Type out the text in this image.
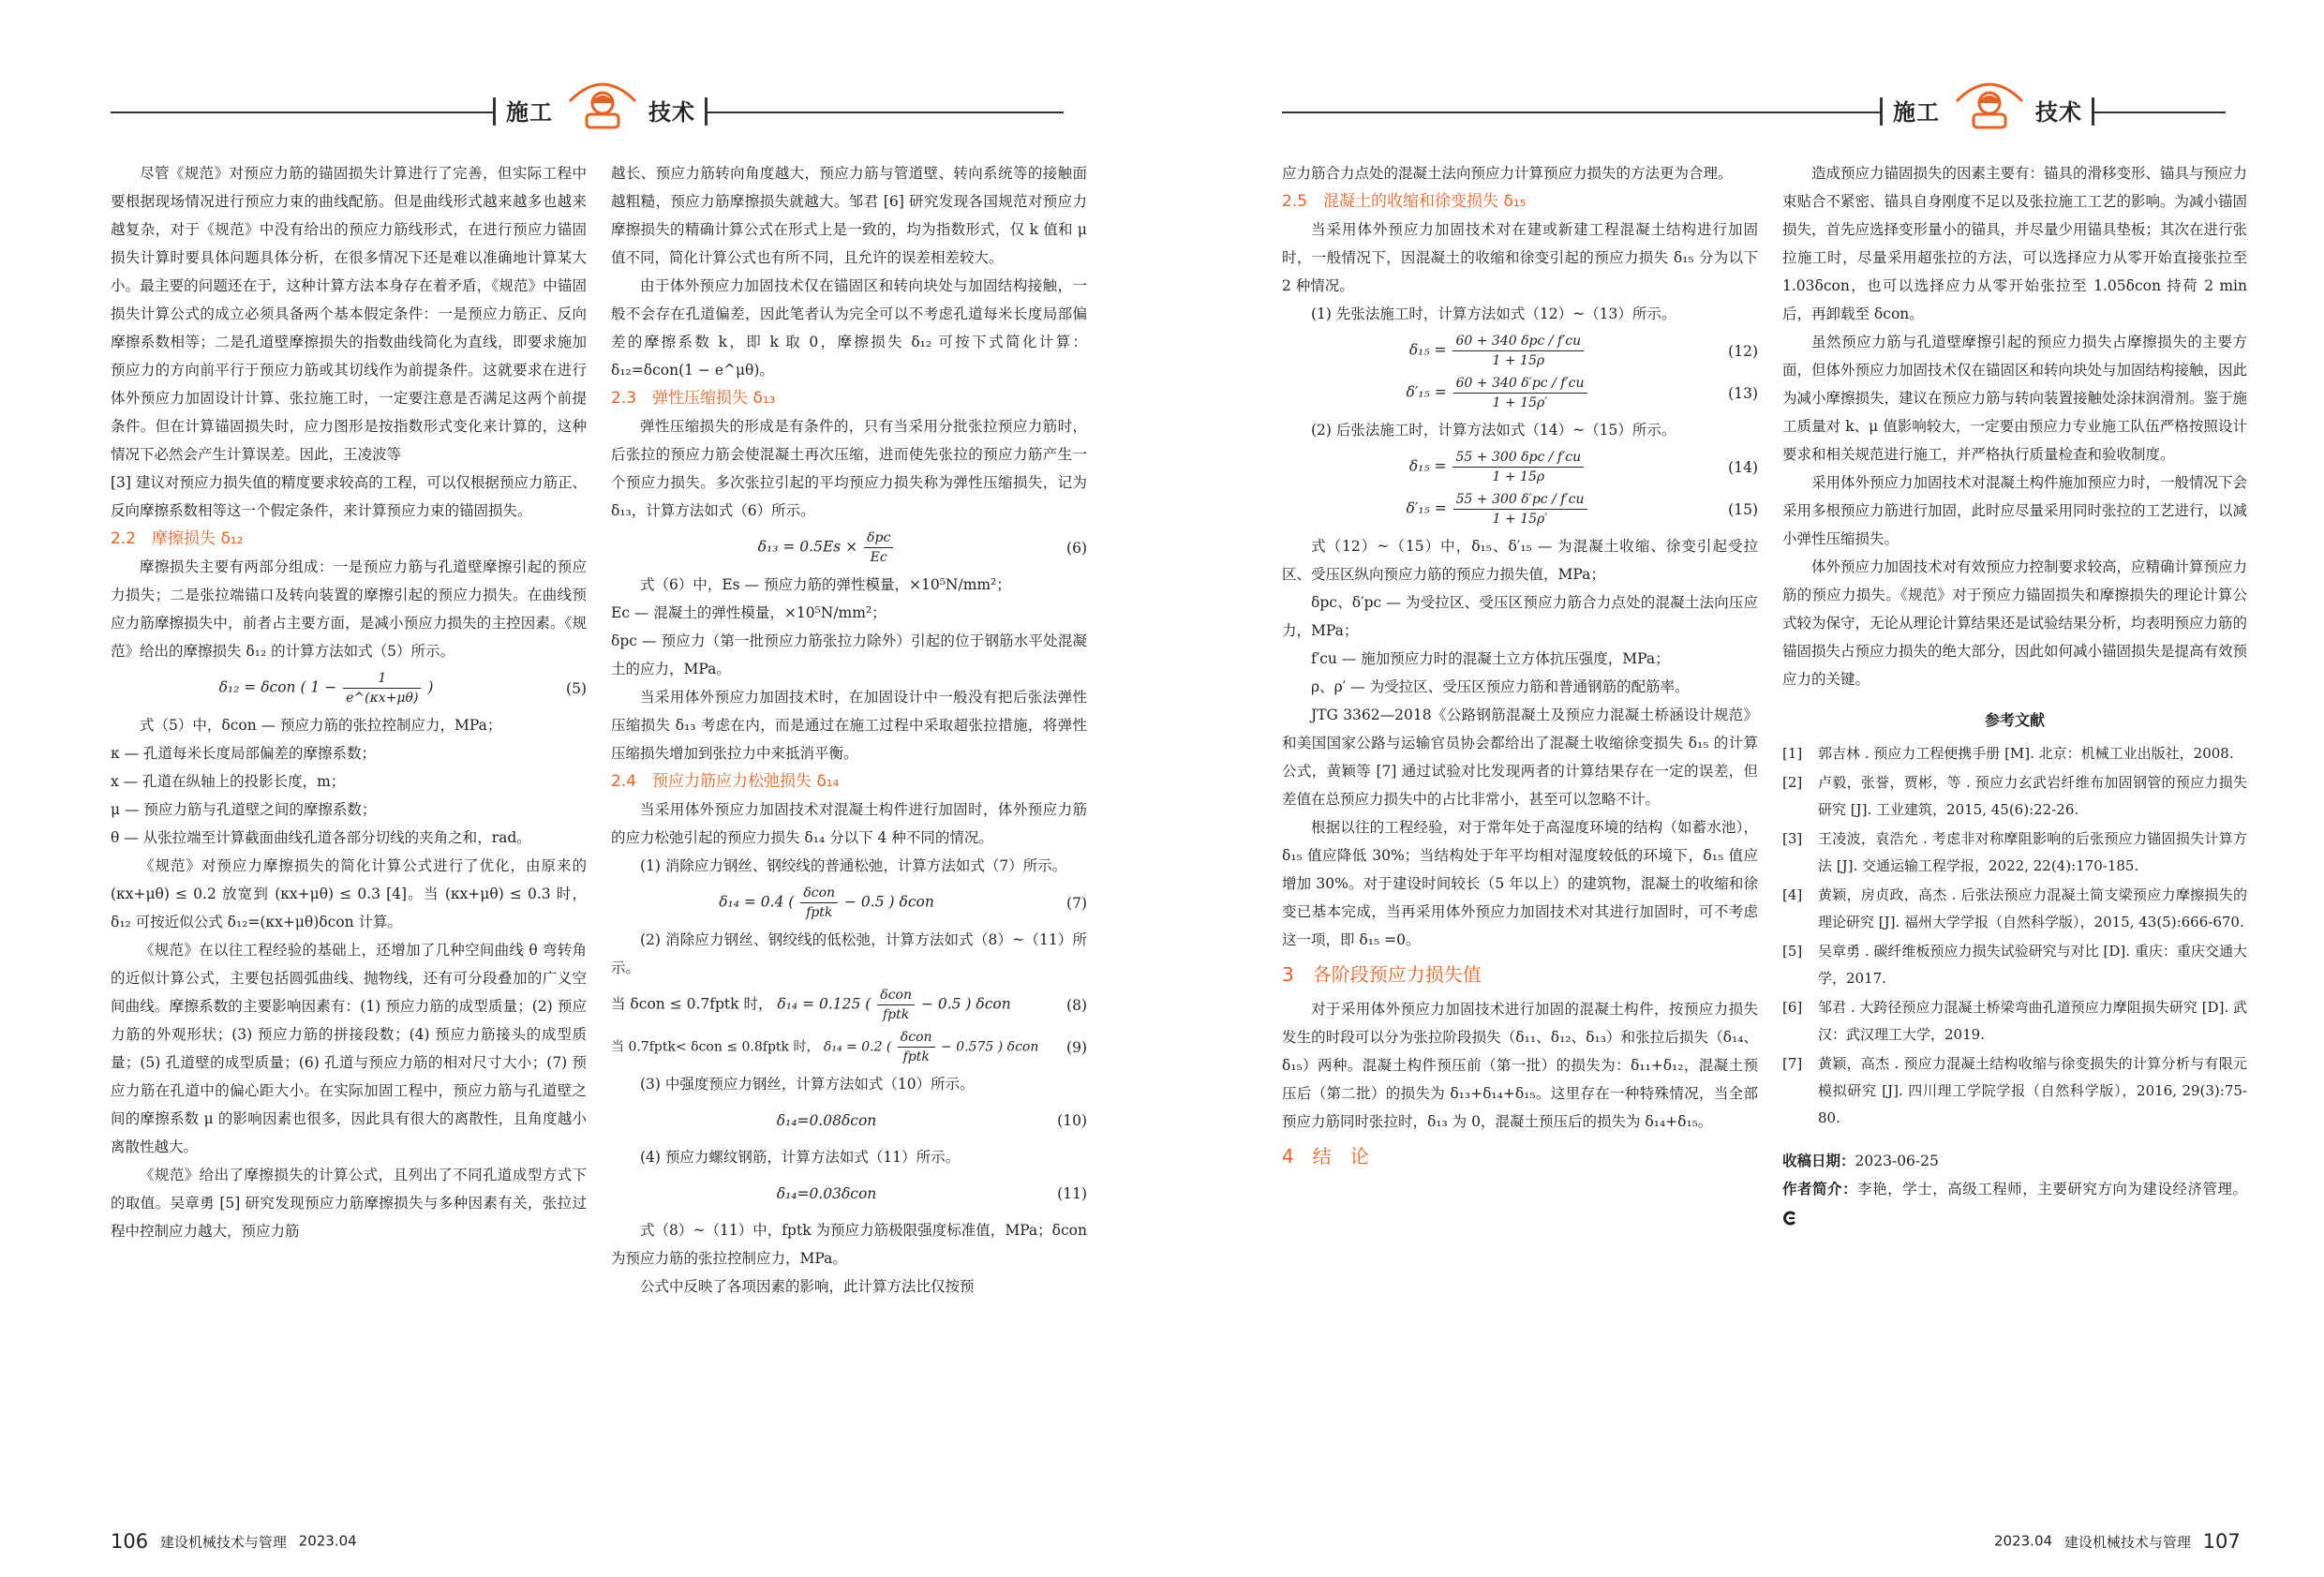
施工	技术

尽管《规范》对预应力筋的锚固损失计算进行了完善，但实际工程中要根据现场情况进行预应力束的曲线配筋。但是曲线形式越来越多也越来越复杂，对于《规范》中没有给出的预应力筋线形式，在进行预应力锚固损失计算时要具体问题具体分析，在很多情况下还是难以准确地计算某大小。最主要的问题还在于，这种计算方法本身存在着矛盾，《规范》中锚固损失计算公式的成立必须具备两个基本假定条件：一是预应力筋正、反向摩擦系数相等；二是孔道壁摩擦损失的指数曲线简化为直线，即要求施加预应力的方向前平行于预应力筋或其切线作为前提条件。这就要求在进行体外预应力加固设计计算、张拉施工时，一定要注意是否满足这两个前提条件。但在计算锚固损失时，应力图形是按指数形式变化来计算的，这种情况下必然会产生计算误差。因此，王凌波等

[3] 建议对预应力损失值的精度要求较高的工程，可以仅根据预应力筋正、反向摩擦系数相等这一个假定条件，来计算预应力束的锚固损失。

2.2　摩擦损失 δ₁₂

摩擦损失主要有两部分组成：一是预应力筋与孔道壁摩擦引起的预应力损失；二是张拉端锚口及转向装置的摩擦引起的预应力损失。在曲线预应力筋摩擦损失中，前者占主要方面，是减小预应力损失的主控因素。《规范》给出的摩擦损失 δ₁₂ 的计算方法如式（5）所示。

δ₁₂ = δcon ( $1 - \frac{1}{e\^{}(\kappa x+\mu\theta)}$ )	(5)

式（5）中，δcon — 预应力筋的张拉控制应力，MPa；

κ — 孔道每米长度局部偏差的摩擦系数；

x — 孔道在纵轴上的投影长度，m；

μ — 预应力筋与孔道壁之间的摩擦系数；

θ — 从张拉端至计算截面曲线孔道各部分切线的夹角之和，rad。

《规范》对预应力摩擦损失的简化计算公式进行了优化，由原来的 (κx+μθ) ≤ 0.2 放宽到 (κx+μθ) ≤ 0.3 [4]。当 (κx+μθ) ≤ 0.3 时，δ₁₂ 可按近似公式 δ₁₂=(κx+μθ)δcon 计算。

《规范》在以往工程经验的基础上，还增加了几种空间曲线 θ 弯转角的近似计算公式，主要包括圆弧曲线、抛物线，还有可分段叠加的广义空间曲线。摩擦系数的主要影响因素有：(1) 预应力筋的成型质量；(2) 预应力筋的外观形状；(3) 预应力筋的拼接段数；(4) 预应力筋接头的成型质量；(5) 孔道壁的成型质量；(6) 孔道与预应力筋的相对尺寸大小；(7) 预应力筋在孔道中的偏心距大小。在实际加固工程中，预应力筋与孔道壁之间的摩擦系数 μ 的影响因素也很多，因此具有很大的离散性，且角度越小离散性越大。

《规范》给出了摩擦损失的计算公式，且列出了不同孔道成型方式下的取值。吴章勇 [5] 研究发现预应力筋摩擦损失与多种因素有关，张拉过程中控制应力越大，预应力筋

越长、预应力筋转向角度越大，预应力筋与管道壁、转向系统等的接触面越粗糙，预应力筋摩擦损失就越大。邹君 [6] 研究发现各国规范对预应力摩擦损失的精确计算公式在形式上是一致的，均为指数形式，仅 k 值和 μ 值不同，简化计算公式也有所不同，且允许的误差相差较大。

由于体外预应力加固技术仅在锚固区和转向块处与加固结构接触，一般不会存在孔道偏差，因此笔者认为完全可以不考虑孔道每米长度局部偏差的摩擦系数 k，即 k 取 0，摩擦损失 δ₁₂ 可按下式简化计算：δ₁₂=δcon(1 − e^μθ)。

2.3　弹性压缩损失 δ₁₃

弹性压缩损失的形成是有条件的，只有当采用分批张拉预应力筋时，后张拉的预应力筋会使混凝土再次压缩，进而使先张拉的预应力筋产生一个预应力损失。多次张拉引起的平均预应力损失称为弹性压缩损失，记为 δ₁₃，计算方法如式（6）所示。

$\delta_{13} = 0.5Es \times \frac{\text{δpc}}{Ec}$	(6)

式（6）中，Es — 预应力筋的弹性模量，×10⁵N/mm²；

Ec — 混凝土的弹性模量，×10⁵N/mm²；

δpc — 预应力（第一批预应力筋张拉力除外）引起的位于钢筋水平处混凝土的应力，MPa。

当采用体外预应力加固技术时，在加固设计中一般没有把后张法弹性压缩损失 δ₁₃ 考虑在内，而是通过在施工过程中采取超张拉措施，将弹性压缩损失增加到张拉力中来抵消平衡。

2.4　预应力筋应力松弛损失 δ₁₄

当采用体外预应力加固技术对混凝土构件进行加固时，体外预应力筋的应力松弛引起的预应力损失 δ₁₄ 分以下 4 种不同的情况。

(1) 消除应力钢丝、钢绞线的普通松弛，计算方法如式（7）所示。

δ₁₄ = 0.4 ( $\frac{\text{δcon}}{\text{fptk}} - 0.5$ ) δcon	(7)

(2) 消除应力钢丝、钢绞线的低松弛，计算方法如式（8）~（11）所示。

当 δcon ≤ 0.7fptk 时， δ₁₄ = 0.125 ( $\frac{\text{δcon}}{\text{fptk}} - 0.5$ ) δcon	(8)
当 0.7fptk< δcon ≤ 0.8fptk 时， δ₁₄ = 0.2 ( $\frac{\text{δcon}}{\text{fptk}} - 0.575$ ) δcon	(9)

(3) 中强度预应力钢丝，计算方法如式（10）所示。

δ₁₄=0.08δcon	(10)

(4) 预应力螺纹钢筋，计算方法如式（11）所示。

δ₁₄=0.03δcon	(11)

式（8）~（11）中，fptk 为预应力筋极限强度标准值，MPa；δcon 为预应力筋的张拉控制应力，MPa。

公式中反映了各项因素的影响，此计算方法比仅按预

106 建设机械技术与管理 2023.04
施工	技术

应力筋合力点处的混凝土法向预应力计算预应力损失的方法更为合理。

2.5　混凝土的收缩和徐变损失 δ₁₅

当采用体外预应力加固技术对在建或新建工程混凝土结构进行加固时，一般情况下，因混凝土的收缩和徐变引起的预应力损失 δ₁₅ 分为以下 2 种情况。

(1) 先张法施工时，计算方法如式（12）~（13）所示。

$\delta_{15} = \frac{\text{60 + 340 δpc / f′cu}}{1 + 15\rho}$	(12)
$\delta'_{15} = \frac{60 + 340 \delta'pc / f'cu}{1 + 15\rho'}$	(13)

(2) 后张法施工时，计算方法如式（14）~（15）所示。

$\delta_{15} = \frac{\text{55 + 300 δpc / f′cu}}{1 + 15\rho}$	(14)
$\delta'_{15} = \frac{55 + 300 \delta'pc / f'cu}{1 + 15\rho'}$	(15)

式（12）~（15）中，δ₁₅、δ′₁₅ — 为混凝土收缩、徐变引起受拉区、受压区纵向预应力筋的预应力损失值，MPa；

δpc、δ′pc — 为受拉区、受压区预应力筋合力点处的混凝土法向压应力，MPa；

f′cu — 施加预应力时的混凝土立方体抗压强度，MPa；

ρ、ρ′ — 为受拉区、受压区预应力筋和普通钢筋的配筋率。

JTG 3362—2018《公路钢筋混凝土及预应力混凝土桥涵设计规范》和美国国家公路与运输官员协会都给出了混凝土收缩徐变损失 δ₁₅ 的计算公式，黄颖等 [7] 通过试验对比发现两者的计算结果存在一定的误差，但差值在总预应力损失中的占比非常小，甚至可以忽略不计。

根据以往的工程经验，对于常年处于高湿度环境的结构（如蓄水池），δ₁₅ 值应降低 30%；当结构处于年平均相对湿度较低的环境下，δ₁₅ 值应增加 30%。对于建设时间较长（5 年以上）的建筑物，混凝土的收缩和徐变已基本完成，当再采用体外预应力加固技术对其进行加固时，可不考虑这一项，即 δ₁₅ =0。

3　各阶段预应力损失值

对于采用体外预应力加固技术进行加固的混凝土构件，按预应力损失发生的时段可以分为张拉阶段损失（δ₁₁、δ₁₂、δ₁₃）和张拉后损失（δ₁₄、δ₁₅）两种。混凝土构件预压前（第一批）的损失为：δ₁₁+δ₁₂，混凝土预压后（第二批）的损失为 δ₁₃+δ₁₄+δ₁₅。这里存在一种特殊情况，当全部预应力筋同时张拉时，δ₁₃ 为 0，混凝土预压后的损失为 δ₁₄+δ₁₅。

4　结　论

造成预应力锚固损失的因素主要有：锚具的滑移变形、锚具与预应力束贴合不紧密、锚具自身刚度不足以及张拉施工工艺的影响。为减小锚固损失，首先应选择变形量小的锚具，并尽量少用锚具垫板；其次在进行张拉施工时，尽量采用超张拉的方法，可以选择应力从零开始直接张拉至 1.03δcon，也可以选择应力从零开始张拉至 1.05δcon 持荷 2 min 后，再卸载至 δcon。

虽然预应力筋与孔道壁摩擦引起的预应力损失占摩擦损失的主要方面，但体外预应力加固技术仅在锚固区和转向块处与加固结构接触，因此为减小摩擦损失，建议在预应力筋与转向装置接触处涂抹润滑剂。鉴于施工质量对 k、μ 值影响较大，一定要由预应力专业施工队伍严格按照设计要求和相关规范进行施工，并严格执行质量检查和验收制度。

采用体外预应力加固技术对混凝土构件施加预应力时，一般情况下会采用多根预应力筋进行加固，此时应尽量采用同时张拉的工艺进行，以减小弹性压缩损失。

体外预应力加固技术对有效预应力控制要求较高，应精确计算预应力筋的预应力损失。《规范》对于预应力锚固损失和摩擦损失的理论计算公式较为保守，无论从理论计算结果还是试验结果分析，均表明预应力筋的锚固损失占预应力损失的绝大部分，因此如何减小锚固损失是提高有效预应力的关键。

参考文献
[1]	郭吉林 . 预应力工程便携手册 [M]. 北京：机械工业出版社，2008.
[2]	卢毅，张誉，贾彬，等 . 预应力玄武岩纤维布加固钢管的预应力损失研究 [J]. 工业建筑，2015, 45(6):22-26.
[3]	王凌波，袁浩允 . 考虑非对称摩阻影响的后张预应力锚固损失计算方法 [J]. 交通运输工程学报，2022, 22(4):170-185.
[4]	黄颖，房贞政，高杰 . 后张法预应力混凝土简支梁预应力摩擦损失的理论研究 [J]. 福州大学学报（自然科学版），2015, 43(5):666-670.
[5]	吴章勇 . 碳纤维板预应力损失试验研究与对比 [D]. 重庆：重庆交通大学，2017.
[6]	邹君 . 大跨径预应力混凝土桥梁弯曲孔道预应力摩阻损失研究 [D]. 武汉：武汉理工大学，2019.
[7]	黄颖，高杰 . 预应力混凝土结构收缩与徐变损失的计算分析与有限元模拟研究 [J]. 四川理工学院学报（自然科学版），2016, 29(3):75-80.
收稿日期：2023-06-25
作者简介：李艳，学士，高级工程师，主要研究方向为建设经济管理。
2023.04 建设机械技术与管理 107
